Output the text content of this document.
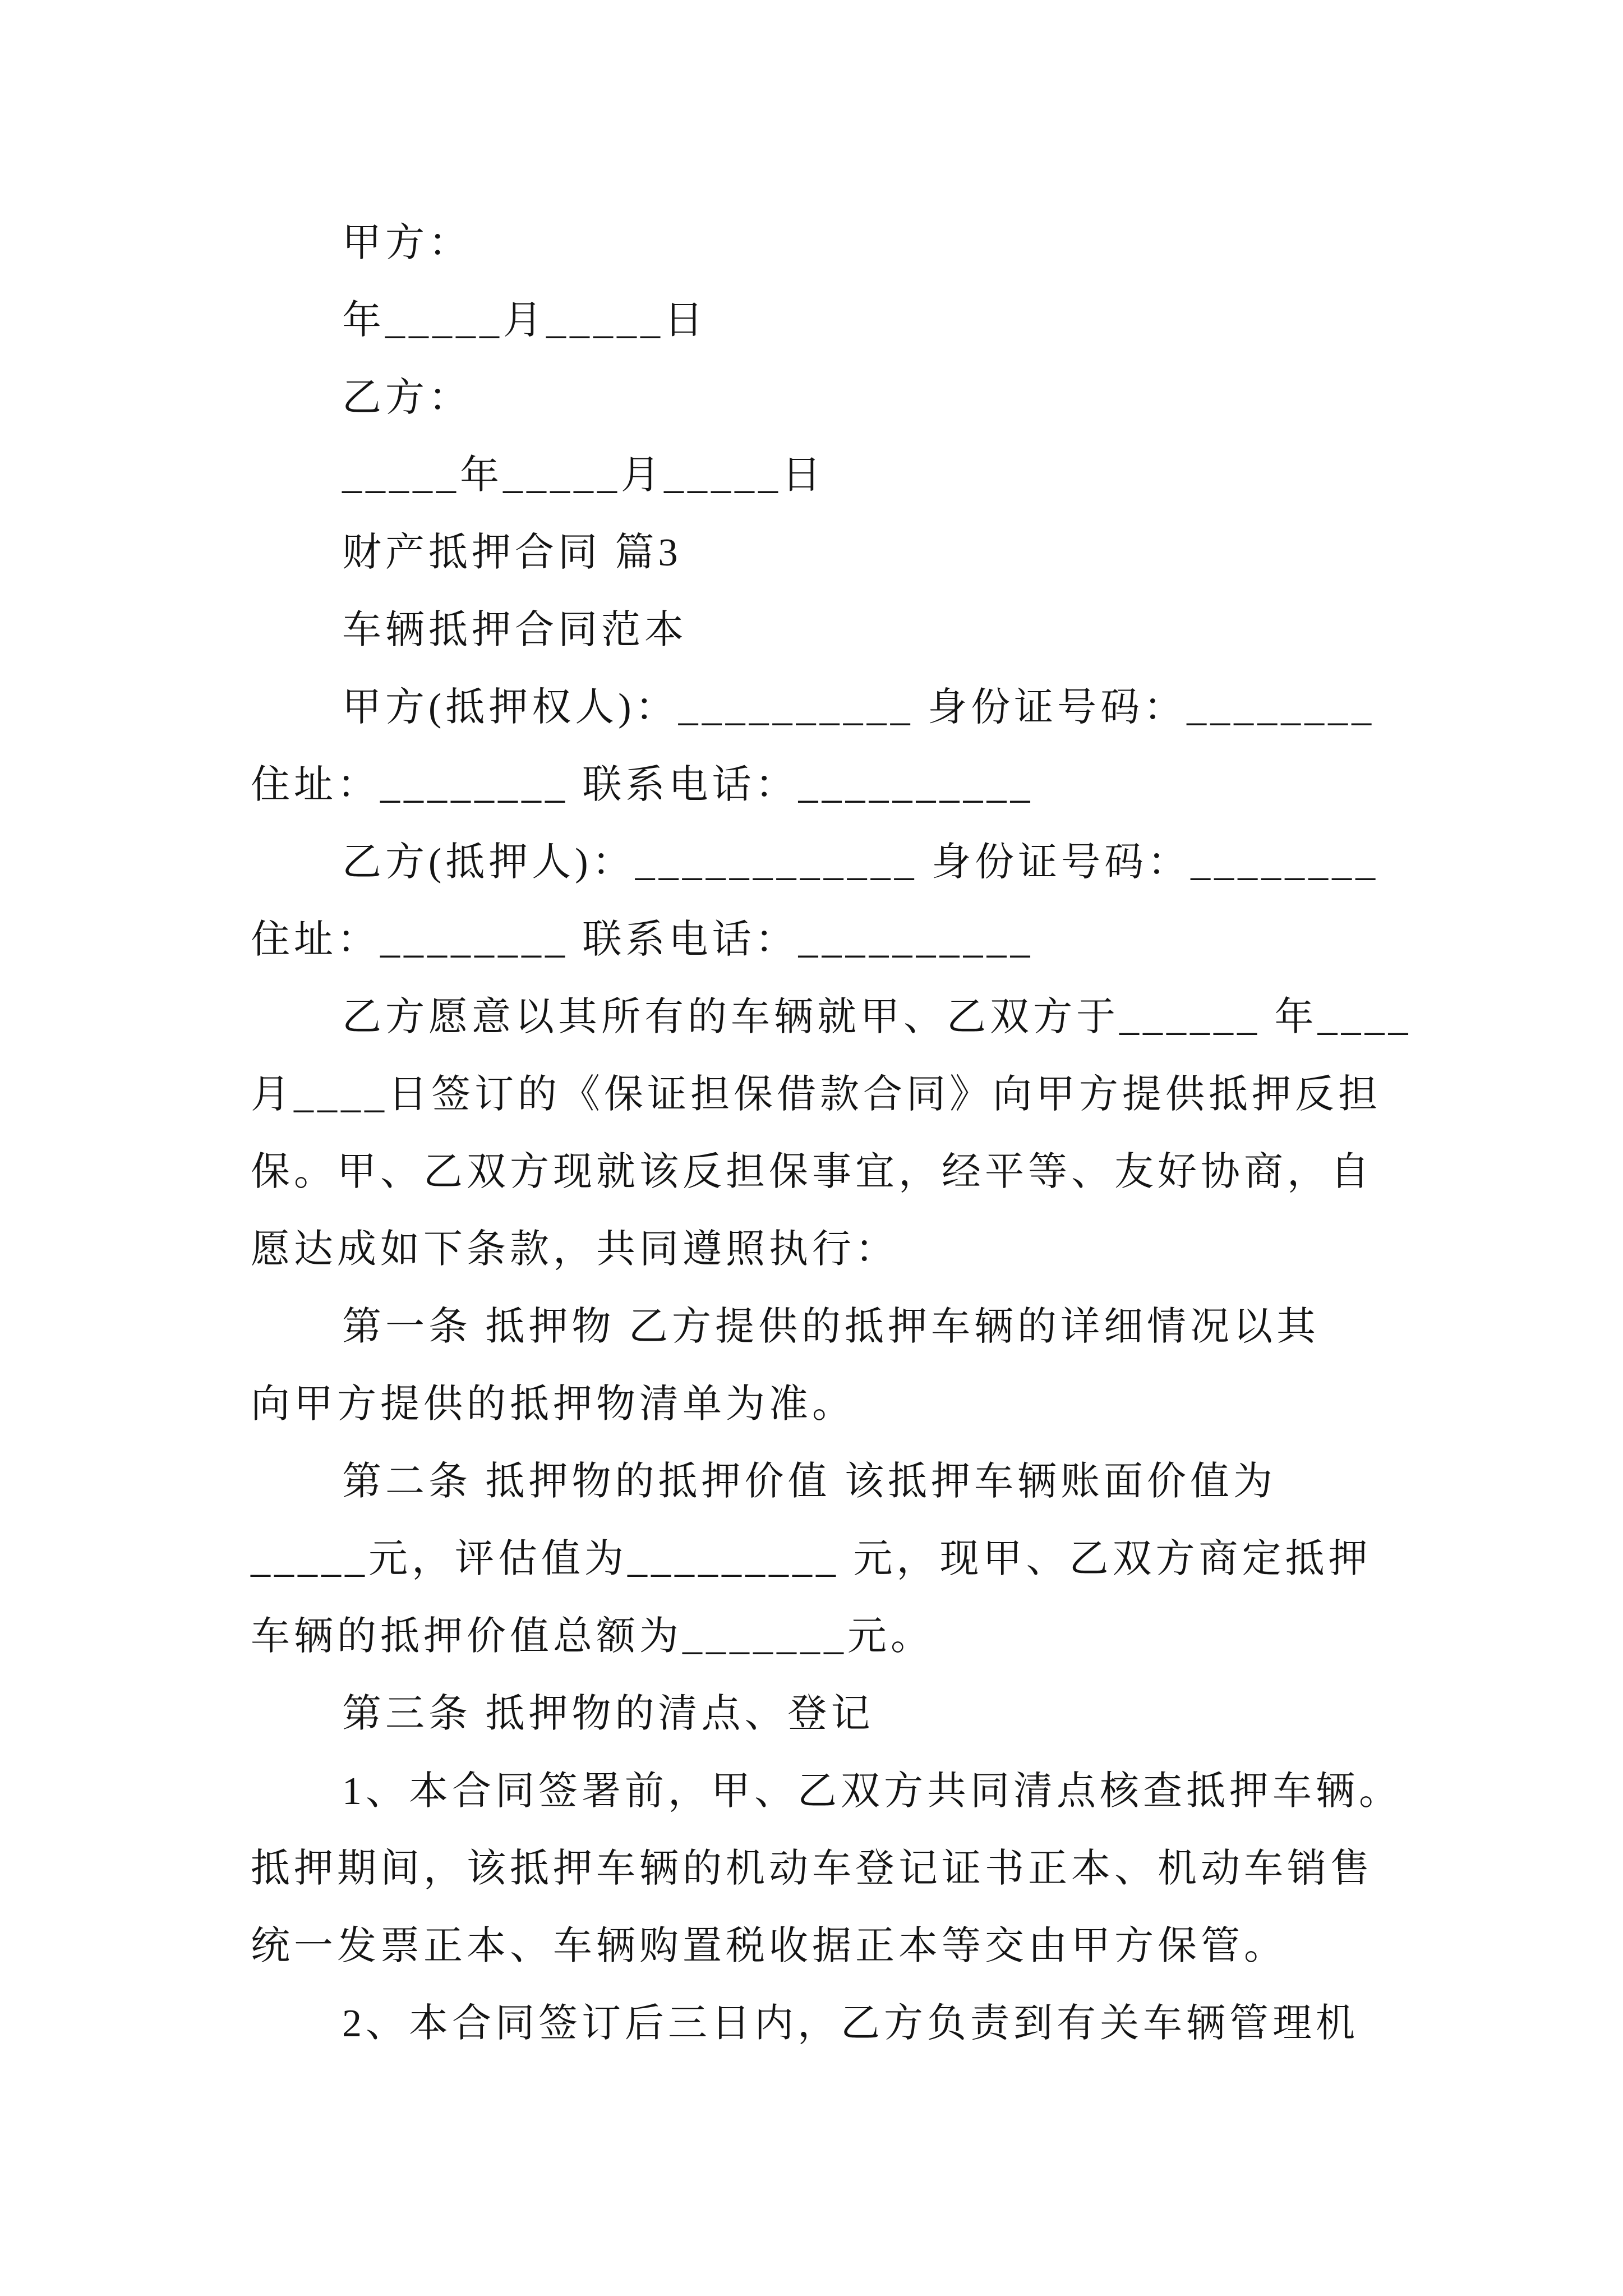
甲方：
年_____月_____日
乙方：
_____年_____月_____日
财产抵押合同 篇3
车辆抵押合同范本
甲方(抵押权人)：__________ 身份证号码：________
住址：________ 联系电话：__________
乙方(抵押人)：____________ 身份证号码：________
住址：________ 联系电话：__________
乙方愿意以其所有的车辆就甲、乙双方于______ 年____
月____日签订的《保证担保借款合同》向甲方提供抵押反担
保。甲、乙双方现就该反担保事宜，经平等、友好协商，自
愿达成如下条款，共同遵照执行：
第一条 抵押物 乙方提供的抵押车辆的详细情况以其
向甲方提供的抵押物清单为准。
第二条 抵押物的抵押价值 该抵押车辆账面价值为
_____元，评估值为_________ 元，现甲、乙双方商定抵押
车辆的抵押价值总额为_______元。
第三条 抵押物的清点、登记
1、本合同签署前，甲、乙双方共同清点核查抵押车辆。
抵押期间，该抵押车辆的机动车登记证书正本、机动车销售
统一发票正本、车辆购置税收据正本等交由甲方保管。
2、本合同签订后三日内，乙方负责到有关车辆管理机
